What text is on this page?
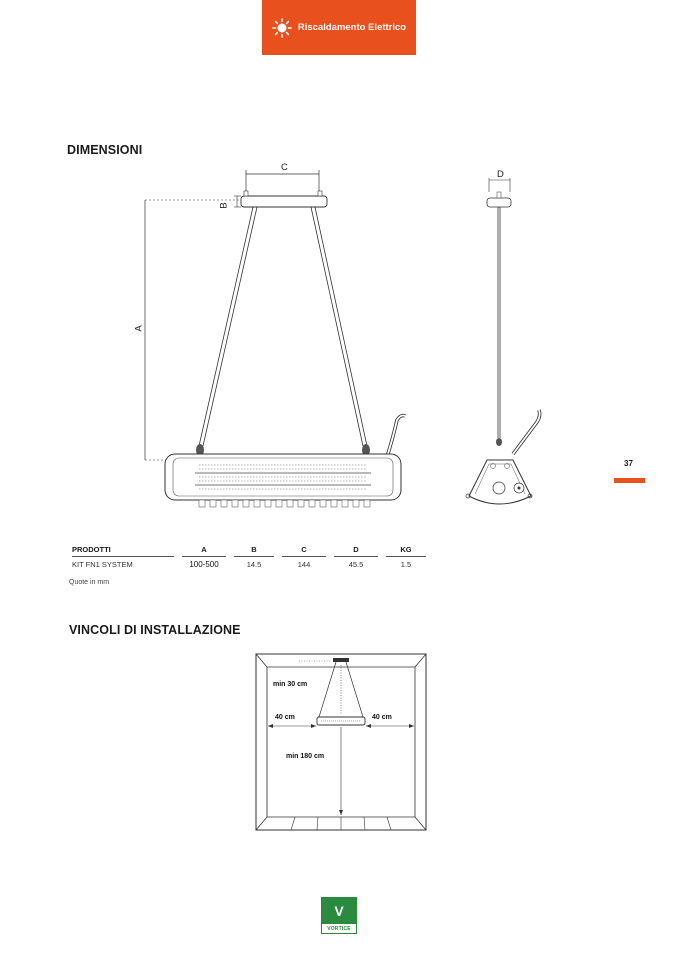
Riscaldamento Elettrico
DIMENSIONI
C
B
A
D
37
PRODOTTI		A		B		C		D		KG
KIT FN1 SYSTEM		100-500		14.5		144		45.5		1.5
Quote in mm
VINCOLI DI INSTALLAZIONE
min 30 cm
40 cm	40 cm
min 180 cm
V
VORTICE
